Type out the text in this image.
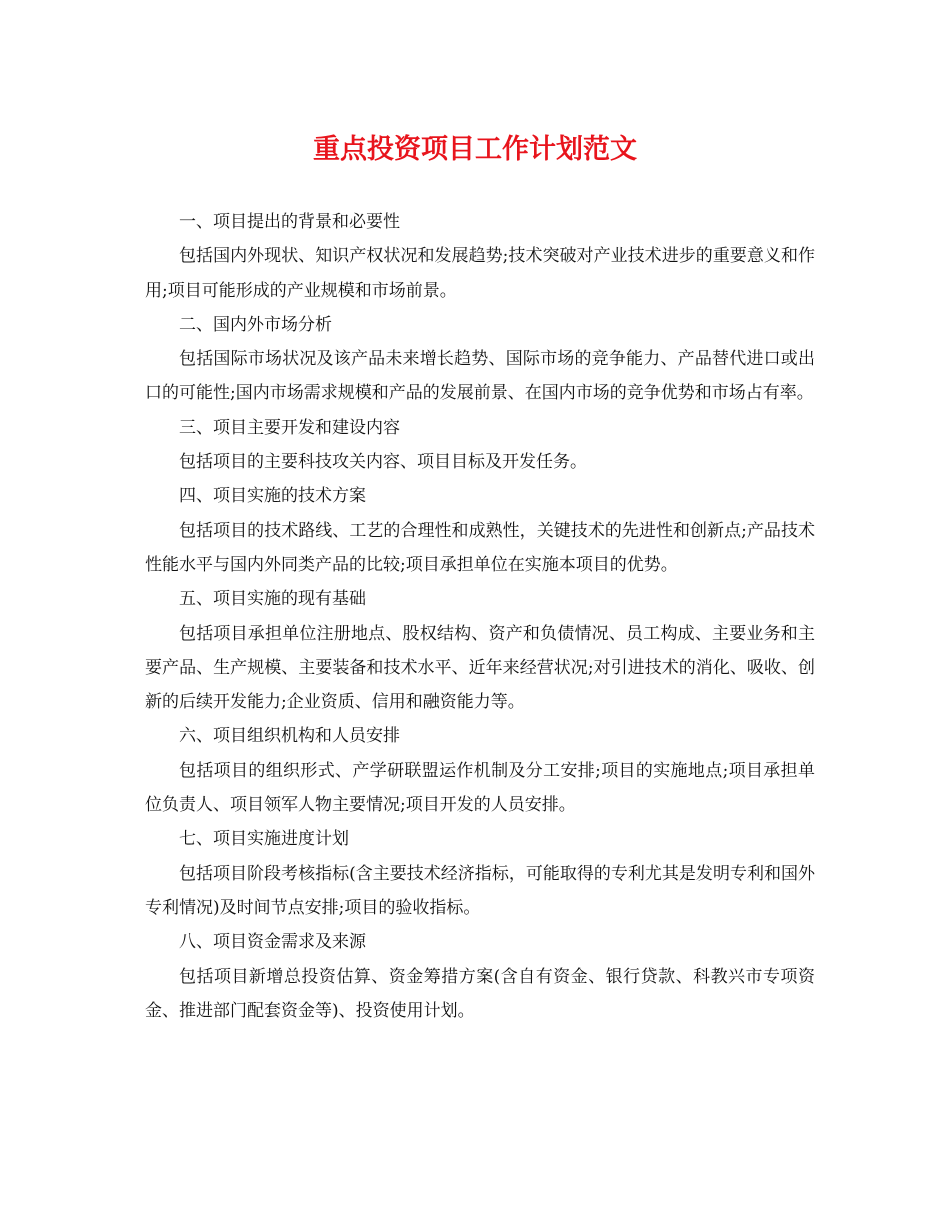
重点投资项目工作计划范文

一、项目提出的背景和必要性

包括国内外现状、知识产权状况和发展趋势;技术突破对产业技术进步的重要意义和作用;项目可能形成的产业规模和市场前景。

二、国内外市场分析

包括国际市场状况及该产品未来增长趋势、国际市场的竞争能力、产品替代进口或出口的可能性;国内市场需求规模和产品的发展前景、在国内市场的竞争优势和市场占有率。

三、项目主要开发和建设内容

包括项目的主要科技攻关内容、项目目标及开发任务。

四、项目实施的技术方案

包括项目的技术路线、工艺的合理性和成熟性，关键技术的先进性和创新点;产品技术性能水平与国内外同类产品的比较;项目承担单位在实施本项目的优势。

五、项目实施的现有基础

包括项目承担单位注册地点、股权结构、资产和负债情况、员工构成、主要业务和主要产品、生产规模、主要装备和技术水平、近年来经营状况;对引进技术的消化、吸收、创新的后续开发能力;企业资质、信用和融资能力等。

六、项目组织机构和人员安排

包括项目的组织形式、产学研联盟运作机制及分工安排;项目的实施地点;项目承担单位负责人、项目领军人物主要情况;项目开发的人员安排。

七、项目实施进度计划

包括项目阶段考核指标(含主要技术经济指标，可能取得的专利尤其是发明专利和国外专利情况)及时间节点安排;项目的验收指标。

八、项目资金需求及来源

包括项目新增总投资估算、资金筹措方案(含自有资金、银行贷款、科教兴市专项资金、推进部门配套资金等)、投资使用计划。
